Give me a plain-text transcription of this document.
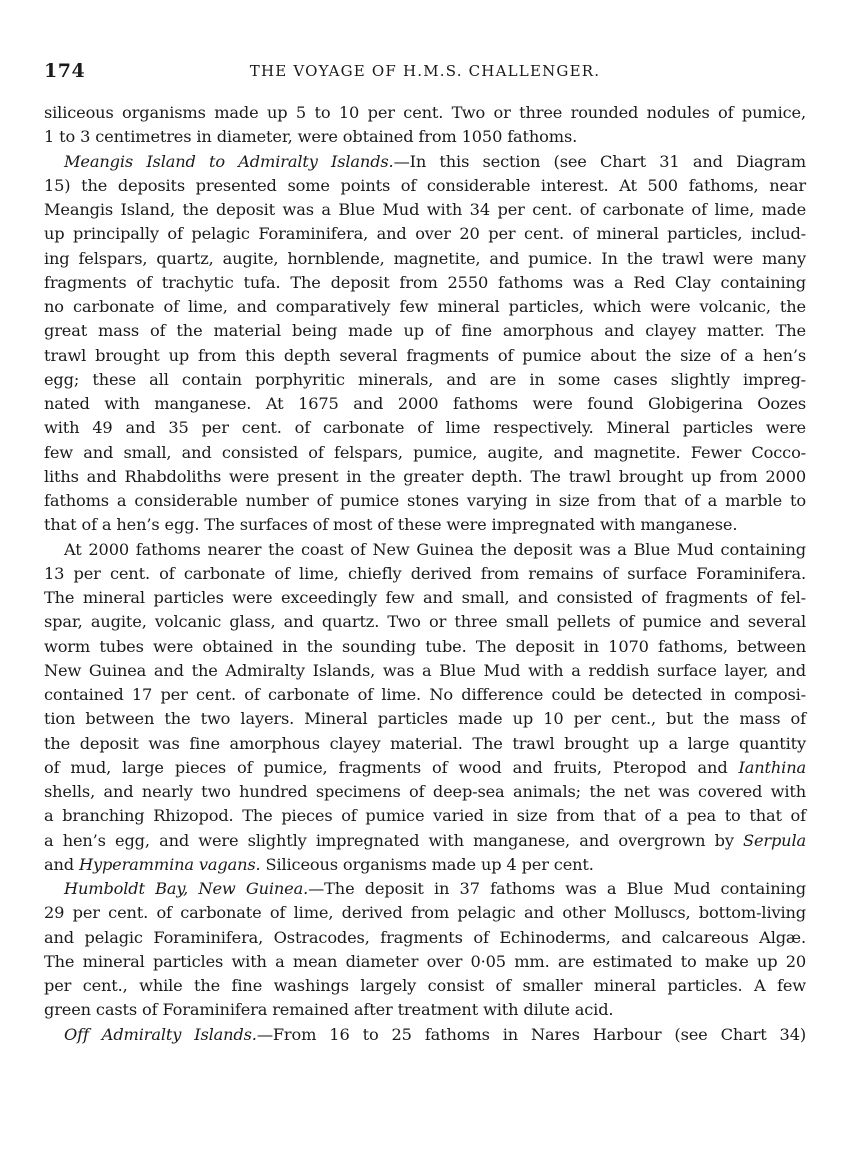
174	THE VOYAGE OF H.M.S. CHALLENGER.
siliceous organisms made up 5 to 10 per cent. Two or three rounded nodules of pumice,
1 to 3 centimetres in diameter, were obtained from 1050 fathoms.
Meangis Island to Admiralty Islands.—In this section (see Chart 31 and Diagram
15) the deposits presented some points of considerable interest. At 500 fathoms, near
Meangis Island, the deposit was a Blue Mud with 34 per cent. of carbonate of lime, made
up principally of pelagic Foraminifera, and over 20 per cent. of mineral particles, includ-
ing felspars, quartz, augite, hornblende, magnetite, and pumice. In the trawl were many
fragments of trachytic tufa. The deposit from 2550 fathoms was a Red Clay containing
no carbonate of lime, and comparatively few mineral particles, which were volcanic, the
great mass of the material being made up of fine amorphous and clayey matter. The
trawl brought up from this depth several fragments of pumice about the size of a hen’s
egg; these all contain porphyritic minerals, and are in some cases slightly impreg-
nated with manganese. At 1675 and 2000 fathoms were found Globigerina Oozes
with 49 and 35 per cent. of carbonate of lime respectively. Mineral particles were
few and small, and consisted of felspars, pumice, augite, and magnetite. Fewer Cocco-
liths and Rhabdoliths were present in the greater depth. The trawl brought up from 2000
fathoms a considerable number of pumice stones varying in size from that of a marble to
that of a hen’s egg. The surfaces of most of these were impregnated with manganese.
At 2000 fathoms nearer the coast of New Guinea the deposit was a Blue Mud containing
13 per cent. of carbonate of lime, chiefly derived from remains of surface Foraminifera.
The mineral particles were exceedingly few and small, and consisted of fragments of fel-
spar, augite, volcanic glass, and quartz. Two or three small pellets of pumice and several
worm tubes were obtained in the sounding tube. The deposit in 1070 fathoms, between
New Guinea and the Admiralty Islands, was a Blue Mud with a reddish surface layer, and
contained 17 per cent. of carbonate of lime. No difference could be detected in composi-
tion between the two layers. Mineral particles made up 10 per cent., but the mass of
the deposit was fine amorphous clayey material. The trawl brought up a large quantity
of mud, large pieces of pumice, fragments of wood and fruits, Pteropod and Ianthina
shells, and nearly two hundred specimens of deep-sea animals; the net was covered with
a branching Rhizopod. The pieces of pumice varied in size from that of a pea to that of
a hen’s egg, and were slightly impregnated with manganese, and overgrown by Serpula
and Hyperammina vagans. Siliceous organisms made up 4 per cent.
Humboldt Bay, New Guinea.—The deposit in 37 fathoms was a Blue Mud containing
29 per cent. of carbonate of lime, derived from pelagic and other Molluscs, bottom-living
and pelagic Foraminifera, Ostracodes, fragments of Echinoderms, and calcareous Algæ.
The mineral particles with a mean diameter over 0·05 mm. are estimated to make up 20
per cent., while the fine washings largely consist of smaller mineral particles. A few
green casts of Foraminifera remained after treatment with dilute acid.
Off Admiralty Islands.—From 16 to 25 fathoms in Nares Harbour (see Chart 34)
